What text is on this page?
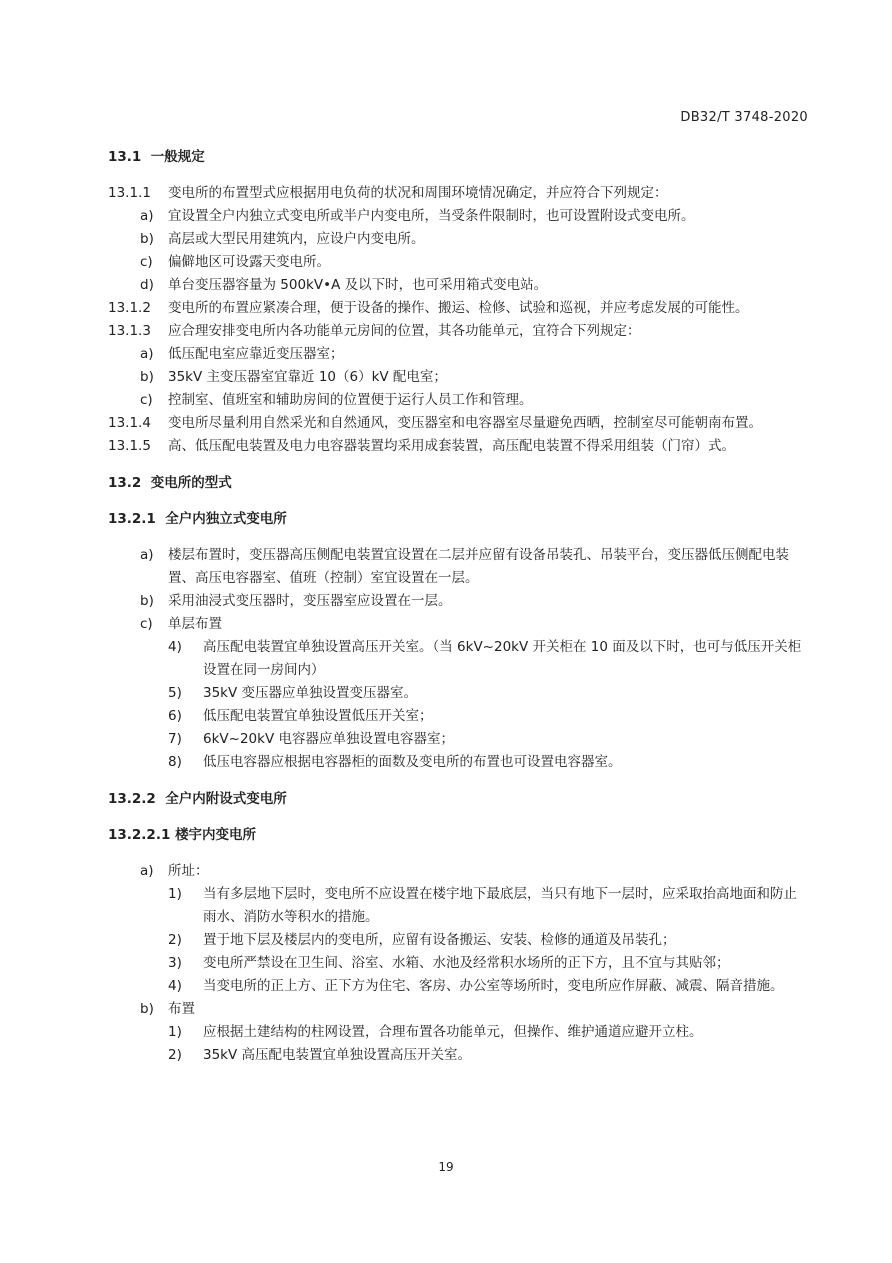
DB32/T 3748-2020
13.1 一般规定
13.1.1 变电所的布置型式应根据用电负荷的状况和周围环境情况确定，并应符合下列规定：
a) 宜设置全户内独立式变电所或半户内变电所，当受条件限制时，也可设置附设式变电所。
b) 高层或大型民用建筑内，应设户内变电所。
c) 偏僻地区可设露天变电所。
d) 单台变压器容量为 500kV•A 及以下时，也可采用箱式变电站。
13.1.2 变电所的布置应紧凑合理，便于设备的操作、搬运、检修、试验和巡视，并应考虑发展的可能性。
13.1.3 应合理安排变电所内各功能单元房间的位置，其各功能单元，宜符合下列规定：
a) 低压配电室应靠近变压器室；
b) 35kV 主变压器室宜靠近 10（6）kV 配电室；
c) 控制室、值班室和辅助房间的位置便于运行人员工作和管理。
13.1.4 变电所尽量利用自然采光和自然通风，变压器室和电容器室尽量避免西晒，控制室尽可能朝南布置。
13.1.5 高、低压配电装置及电力电容器装置均采用成套装置，高压配电装置不得采用组装（门帘）式。
13.2 变电所的型式
13.2.1 全户内独立式变电所
a) 楼层布置时，变压器高压侧配电装置宜设置在二层并应留有设备吊装孔、吊装平台，变压器低压侧配电装置、高压电容器室、值班（控制）室宜设置在一层。
b) 采用油浸式变压器时，变压器室应设置在一层。
c) 单层布置
4) 高压配电装置宜单独设置高压开关室。（当 6kV~20kV 开关柜在 10 面及以下时，也可与低压开关柜设置在同一房间内）
5) 35kV 变压器应单独设置变压器室。
6) 低压配电装置宜单独设置低压开关室；
7) 6kV~20kV 电容器应单独设置电容器室；
8) 低压电容器应根据电容器柜的面数及变电所的布置也可设置电容器室。
13.2.2 全户内附设式变电所
13.2.2.1 楼宇内变电所
a) 所址：
1) 当有多层地下层时，变电所不应设置在楼宇地下最底层，当只有地下一层时，应采取抬高地面和防止雨水、消防水等积水的措施。
2) 置于地下层及楼层内的变电所，应留有设备搬运、安装、检修的通道及吊装孔；
3) 变电所严禁设在卫生间、浴室、水箱、水池及经常积水场所的正下方，且不宜与其贴邻；
4) 当变电所的正上方、正下方为住宅、客房、办公室等场所时，变电所应作屏蔽、减震、隔音措施。
b) 布置
1) 应根据土建结构的柱网设置，合理布置各功能单元，但操作、维护通道应避开立柱。
2) 35kV 高压配电装置宜单独设置高压开关室。
19
